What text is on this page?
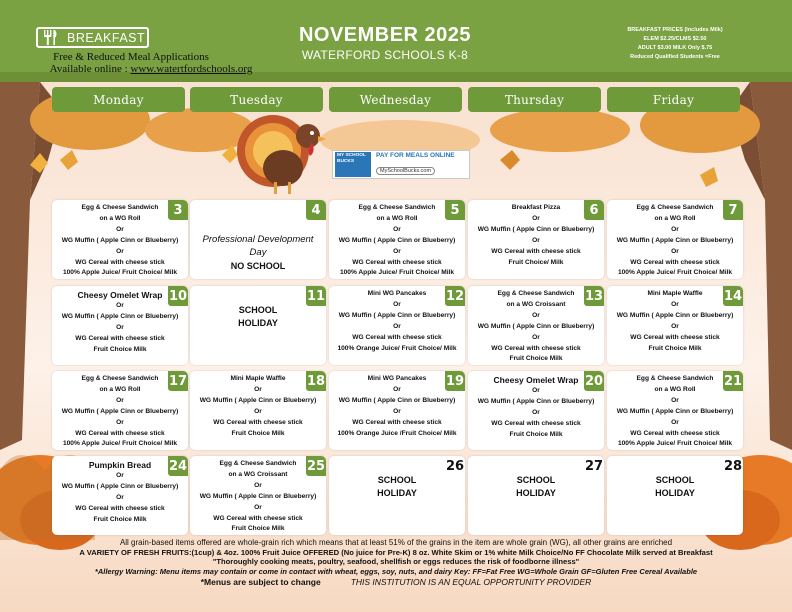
BREAKFAST
Free & Reduced Meal Applications
Available online : www.watertfordschools.org
NOVEMBER 2025
WATERFORD SCHOOLS K-8
BREAKFAST PRICES (Includes Milk)
ELEM $2.25/CLMS $2.50
ADULT $3.00 MILK Only $.75
Reduced Qualified Students =Free
Monday	Tuesday	Wednesday	Thursday	Friday
MY SCHOOL BUCKS
PAY FOR MEALS ONLINE
MySchoolBucks.com
3
Egg & Cheese Sandwich
on a WG Roll
Or
WG Muffin ( Apple Cinn or Blueberry)
Or
WG Cereal with cheese stick
100% Apple Juice/ Fruit Choice/ Milk
4
Professional Development
Day
NO SCHOOL
5
Egg & Cheese Sandwich
on a WG Roll
Or
WG Muffin ( Apple Cinn or Blueberry)
Or
WG Cereal with cheese stick
100% Apple Juice/ Fruit Choice/ Milk
6
Breakfast Pizza
Or
WG Muffin ( Apple Cinn or Blueberry)
Or
WG Cereal with cheese stick
Fruit Choice/ Milk
7
Egg & Cheese Sandwich
on a WG Roll
Or
WG Muffin ( Apple Cinn or Blueberry)
Or
WG Cereal with cheese stick
100% Apple Juice/ Fruit Choice/ Milk
10
Cheesy Omelet Wrap
Or
WG Muffin ( Apple Cinn or Blueberry)
Or
WG Cereal with cheese stick
Fruit Choice Milk
11
SCHOOL
HOLIDAY
12
Mini WG Pancakes
Or
WG Muffin ( Apple Cinn or Blueberry)
Or
WG Cereal with cheese stick
100% Orange Juice/ Fruit Choice/ Milk
13
Egg & Cheese Sandwich
on a WG Croissant
Or
WG Muffin ( Apple Cinn or Blueberry)
Or
WG Cereal with cheese stick
Fruit Choice Milk
14
Mini Maple Waffle
Or
WG Muffin ( Apple Cinn or Blueberry)
Or
WG Cereal with cheese stick
Fruit Choice Milk
17
Egg & Cheese Sandwich
on a WG Roll
Or
WG Muffin ( Apple Cinn or Blueberry)
Or
WG Cereal with cheese stick
100% Apple Juice/ Fruit Choice/ Milk
18
Mini Maple Waffle
Or
WG Muffin ( Apple Cinn or Blueberry)
Or
WG Cereal with cheese stick
Fruit Choice Milk
19
Mini WG Pancakes
Or
WG Muffin ( Apple Cinn or Blueberry)
Or
WG Cereal with cheese stick
100% Orange Juice /Fruit Choice/ Milk
20
Cheesy Omelet Wrap
Or
WG Muffin ( Apple Cinn or Blueberry)
Or
WG Cereal with cheese stick
Fruit Choice Milk
21
Egg & Cheese Sandwich
on a WG Roll
Or
WG Muffin ( Apple Cinn or Blueberry)
Or
WG Cereal with cheese stick
100% Apple Juice/ Fruit Choice/ Milk
24
Pumpkin Bread
Or
WG Muffin ( Apple Cinn or Blueberry)
Or
WG Cereal with cheese stick
Fruit Choice Milk
25
Egg & Cheese Sandwich
on a WG Croissant
Or
WG Muffin ( Apple Cinn or Blueberry)
Or
WG Cereal with cheese stick
Fruit Choice Milk
26
SCHOOL
HOLIDAY
27
SCHOOL
HOLIDAY
28
SCHOOL
HOLIDAY
All grain-based items offered are whole-grain rich which means that at least 51% of the grains in the item are whole grain (WG), all other grains are enriched
A VARIETY OF FRESH FRUITS:(1cup) & 4oz. 100% Fruit Juice OFFERED (No juice for Pre-K) 8 oz. White Skim or 1% white Milk Choice/No FF Chocolate Milk served at Breakfast
"Thoroughly cooking meats, poultry, seafood, shellfish or eggs reduces the risk of foodborne illness"
*Allergy Warning: Menu items may contain or come in contact with wheat, eggs, soy, nuts, and dairy Key: FF=Fat Free WG=Whole Grain GF=Gluten Free Cereal Available
*Menus are subject to change	THIS INSTITUTION IS AN EQUAL OPPORTUNITY PROVIDER
